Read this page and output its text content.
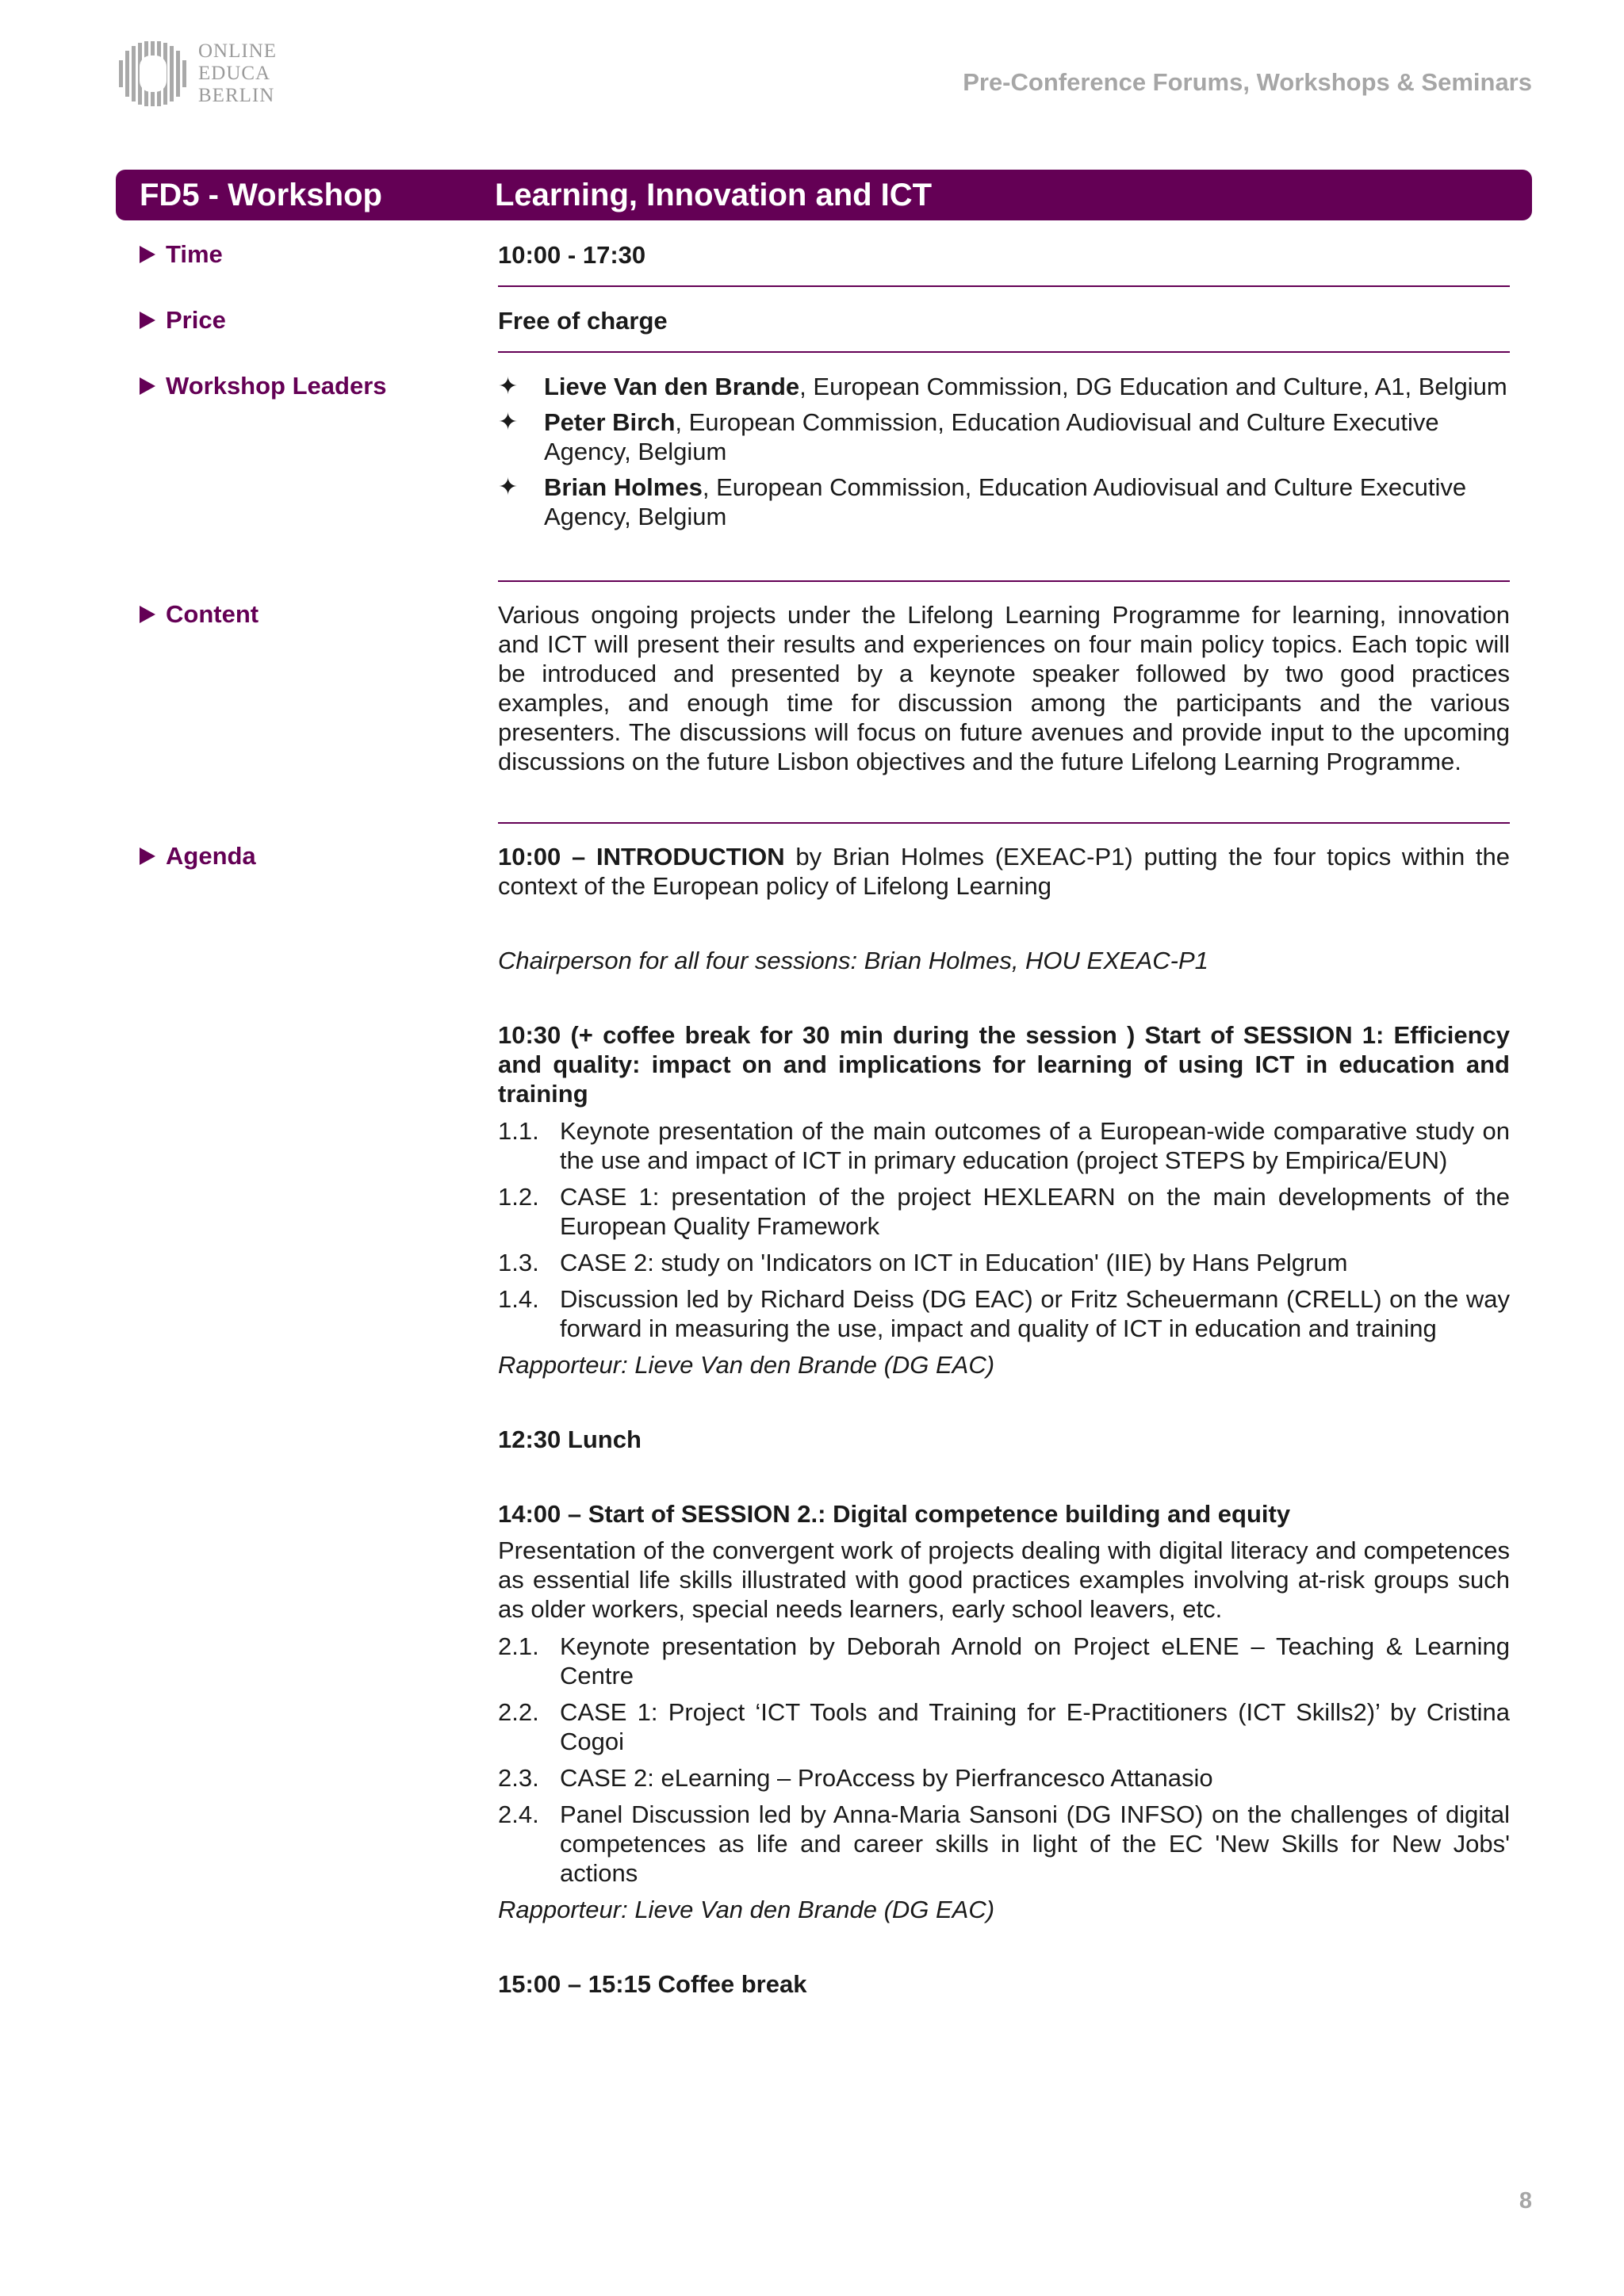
ONLINE
EDUCA
BERLIN	Pre-Conference Forums, Workshops & Seminars
FD5 - Workshop	Learning, Innovation and ICT
Time	10:00 - 17:30
Price	Free of charge
Workshop Leaders	✦	Lieve Van den Brande, European Commission, DG Education and Culture, A1, Belgium
✦	Peter Birch, European Commission, Education Audiovisual and Culture Executive Agency, Belgium
✦	Brian Holmes, European Commission, Education Audiovisual and Culture Executive Agency, Belgium
Content	Various ongoing projects under the Lifelong Learning Programme for learning, innovation and ICT will present their results and experiences on four main policy topics. Each topic will be introduced and presented by a keynote speaker followed by two good practices examples, and enough time for discussion among the participants and the various presenters. The discussions will focus on future avenues and provide input to the upcoming discussions on the future Lisbon objectives and the future Lifelong Learning Programme.
Agenda	10:00 – INTRODUCTION by Brian Holmes (EXEAC-P1) putting the four topics within the context of the European policy of Lifelong Learning
Chairperson for all four sessions: Brian Holmes, HOU EXEAC-P1
10:30 (+ coffee break for 30 min during the session ) Start of SESSION 1: Efficiency and quality: impact on and implications for learning of using ICT in education and training
1.1. Keynote presentation of the main outcomes of a European-wide comparative study on the use and impact of ICT in primary education (project STEPS by Empirica/EUN)
1.2. CASE 1: presentation of the project HEXLEARN on the main developments of the European Quality Framework
1.3. CASE 2: study on 'Indicators on ICT in Education' (IIE) by Hans Pelgrum
1.4. Discussion led by Richard Deiss (DG EAC) or Fritz Scheuermann (CRELL) on the way forward in measuring the use, impact and quality of ICT in education and training
Rapporteur: Lieve Van den Brande (DG EAC)
12:30 Lunch
14:00 – Start of SESSION 2.: Digital competence building and equity
Presentation of the convergent work of projects dealing with digital literacy and competences as essential life skills illustrated with good practices examples involving at-risk groups such as older workers, special needs learners, early school leavers, etc.
2.1. Keynote presentation by Deborah Arnold on Project eLENE – Teaching & Learning Centre
2.2. CASE 1: Project ‘ICT Tools and Training for E-Practitioners (ICT Skills2)’ by Cristina Cogoi
2.3. CASE 2: eLearning – ProAccess by Pierfrancesco Attanasio
2.4. Panel Discussion led by Anna-Maria Sansoni (DG INFSO) on the challenges of digital competences as life and career skills in light of the EC 'New Skills for New Jobs' actions
Rapporteur: Lieve Van den Brande (DG EAC)
15:00 – 15:15 Coffee break
8
